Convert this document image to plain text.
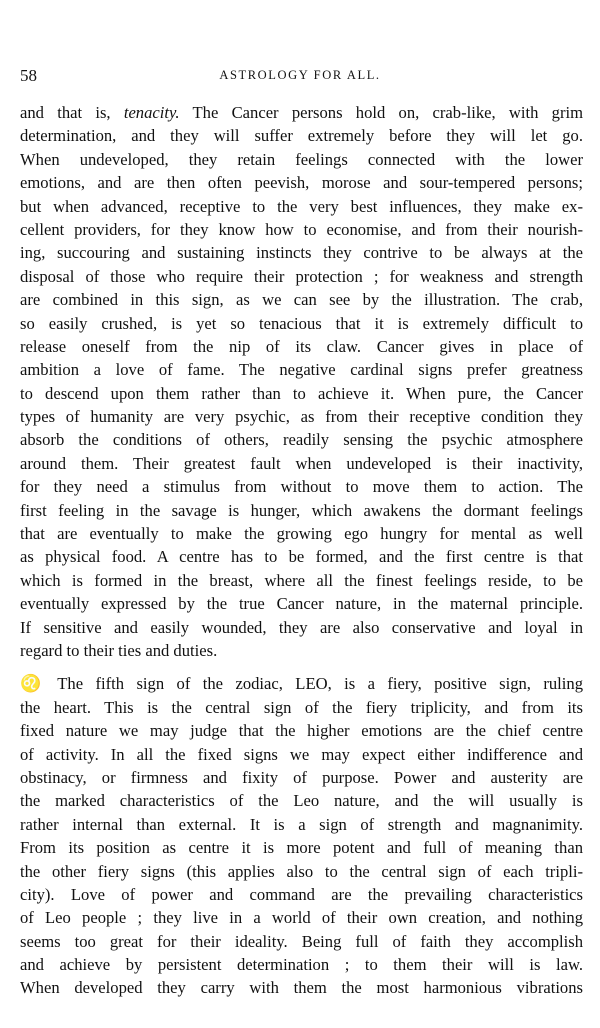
58	ASTROLOGY FOR ALL.
and that is, tenacity. The Cancer persons hold on, crab-like, with grim
determination, and they will suffer extremely before they will let go.
When undeveloped, they retain feelings connected with the lower
emotions, and are then often peevish, morose and sour-tempered persons;
but when advanced, receptive to the very best influences, they make ex-
cellent providers, for they know how to economise, and from their nourish-
ing, succouring and sustaining instincts they contrive to be always at the
disposal of those who require their protection ; for weakness and strength
are combined in this sign, as we can see by the illustration. The crab,
so easily crushed, is yet so tenacious that it is extremely difficult to
release oneself from the nip of its claw. Cancer gives in place of
ambition a love of fame. The negative cardinal signs prefer greatness
to descend upon them rather than to achieve it. When pure, the Cancer
types of humanity are very psychic, as from their receptive condition they
absorb the conditions of others, readily sensing the psychic atmosphere
around them. Their greatest fault when undeveloped is their inactivity,
for they need a stimulus from without to move them to action. The
first feeling in the savage is hunger, which awakens the dormant feelings
that are eventually to make the growing ego hungry for mental as well
as physical food. A centre has to be formed, and the first centre is that
which is formed in the breast, where all the finest feelings reside, to be
eventually expressed by the true Cancer nature, in the maternal principle.
If sensitive and easily wounded, they are also conservative and loyal in
regard to their ties and duties.
♌ The fifth sign of the zodiac, LEO, is a fiery, positive sign, ruling
the heart. This is the central sign of the fiery triplicity, and from its
fixed nature we may judge that the higher emotions are the chief centre
of activity. In all the fixed signs we may expect either indifference and
obstinacy, or firmness and fixity of purpose. Power and austerity are
the marked characteristics of the Leo nature, and the will usually is
rather internal than external. It is a sign of strength and magnanimity.
From its position as centre it is more potent and full of meaning than
the other fiery signs (this applies also to the central sign of each tripli-
city). Love of power and command are the prevailing characteristics
of Leo people ; they live in a world of their own creation, and nothing
seems too great for their ideality. Being full of faith they accomplish
and achieve by persistent determination ; to them their will is law.
When developed they carry with them the most harmonious vibrations
